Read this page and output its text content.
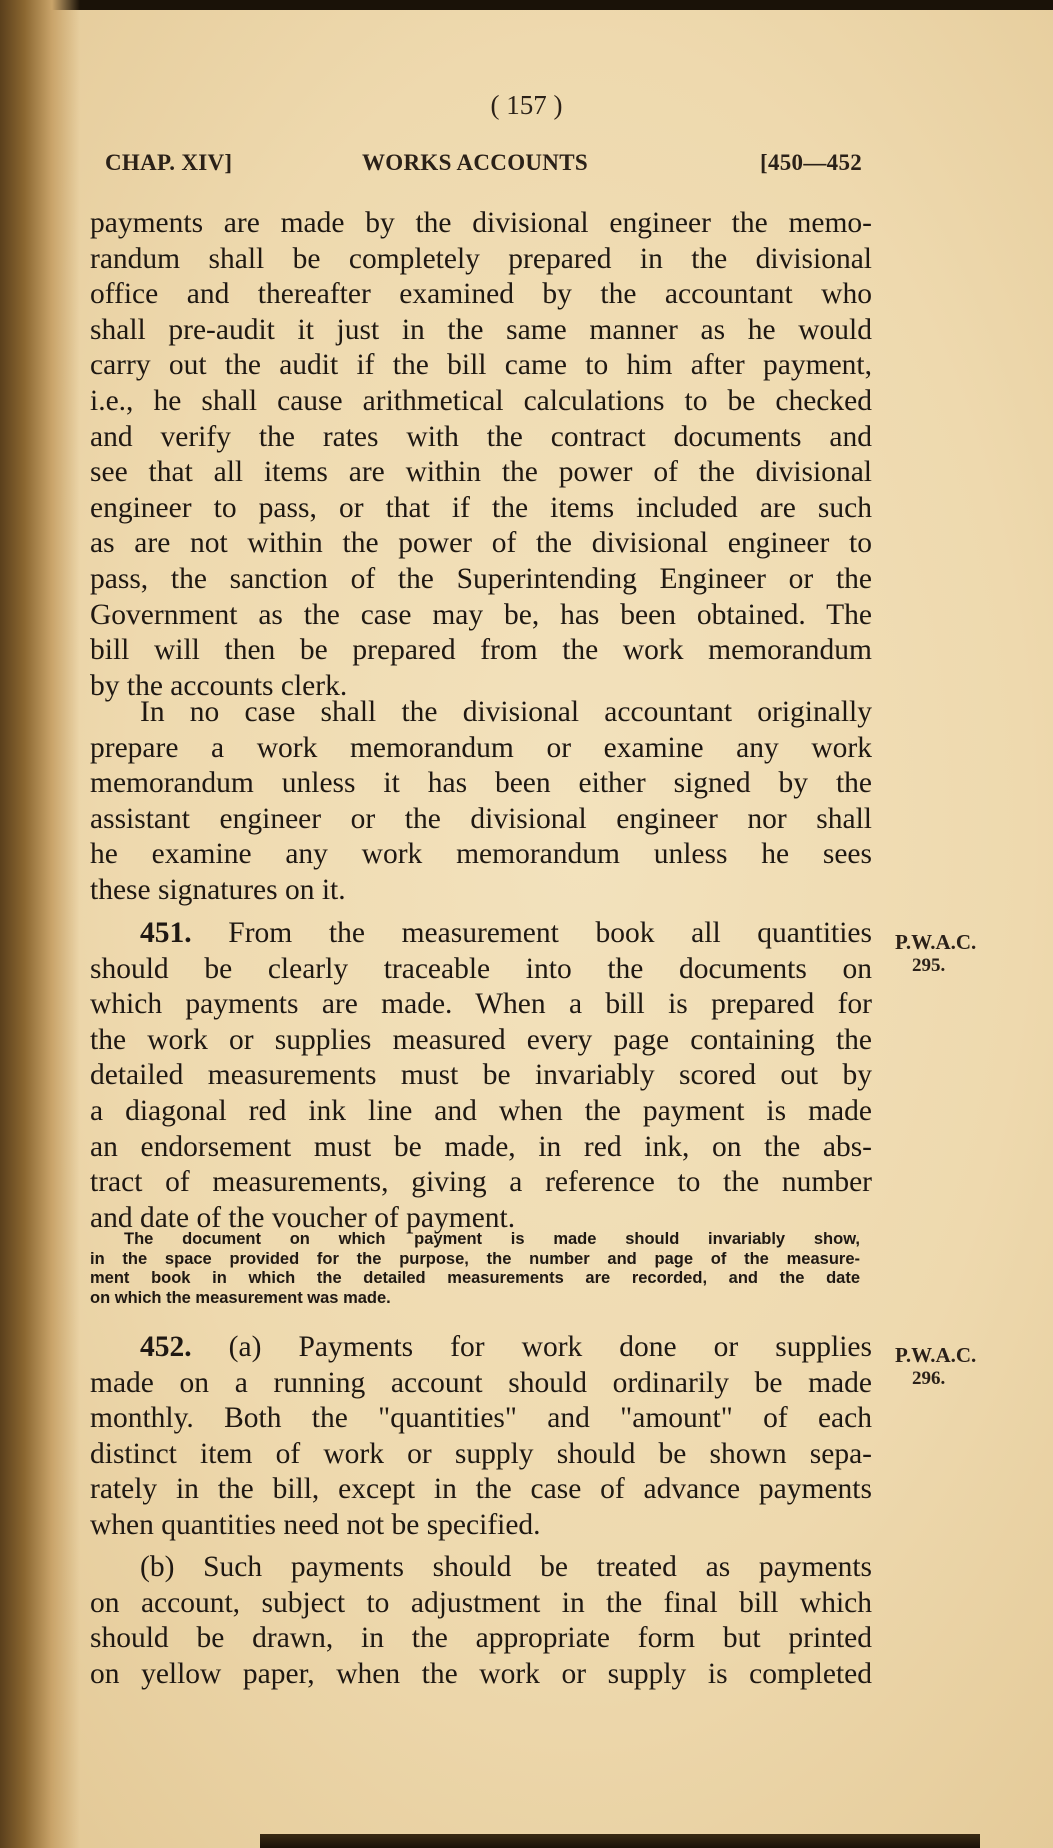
( 157 )
CHAP. XIV]	WORKS ACCOUNTS	[450—452
payments are made by the divisional engineer the memo-
randum shall be completely prepared in the divisional
office and thereafter examined by the accountant who
shall pre-audit it just in the same manner as he would
carry out the audit if the bill came to him after payment,
i.e., he shall cause arithmetical calculations to be checked
and verify the rates with the contract documents and
see that all items are within the power of the divisional
engineer to pass, or that if the items included are such
as are not within the power of the divisional engineer to
pass, the sanction of the Superintending Engineer or the
Government as the case may be, has been obtained. The
bill will then be prepared from the work memorandum
by the accounts clerk.
In no case shall the divisional accountant originally
prepare a work memorandum or examine any work
memorandum unless it has been either signed by the
assistant engineer or the divisional engineer nor shall
he examine any work memorandum unless he sees
these signatures on it.
451. From the measurement book all quantities
should be clearly traceable into the documents on
which payments are made. When a bill is prepared for
the work or supplies measured every page containing the
detailed measurements must be invariably scored out by
a diagonal red ink line and when the payment is made
an endorsement must be made, in red ink, on the abs-
tract of measurements, giving a reference to the number
and date of the voucher of payment.
P.W.A.C.
295.
The document on which payment is made should invariably show,
in the space provided for the purpose, the number and page of the measure-
ment book in which the detailed measurements are recorded, and the date
on which the measurement was made.
452. (a) Payments for work done or supplies
made on a running account should ordinarily be made
monthly. Both the "quantities" and "amount" of each
distinct item of work or supply should be shown sepa-
rately in the bill, except in the case of advance payments
when quantities need not be specified.
P.W.A.C.
296.
(b) Such payments should be treated as payments
on account, subject to adjustment in the final bill which
should be drawn, in the appropriate form but printed
on yellow paper, when the work or supply is completed
